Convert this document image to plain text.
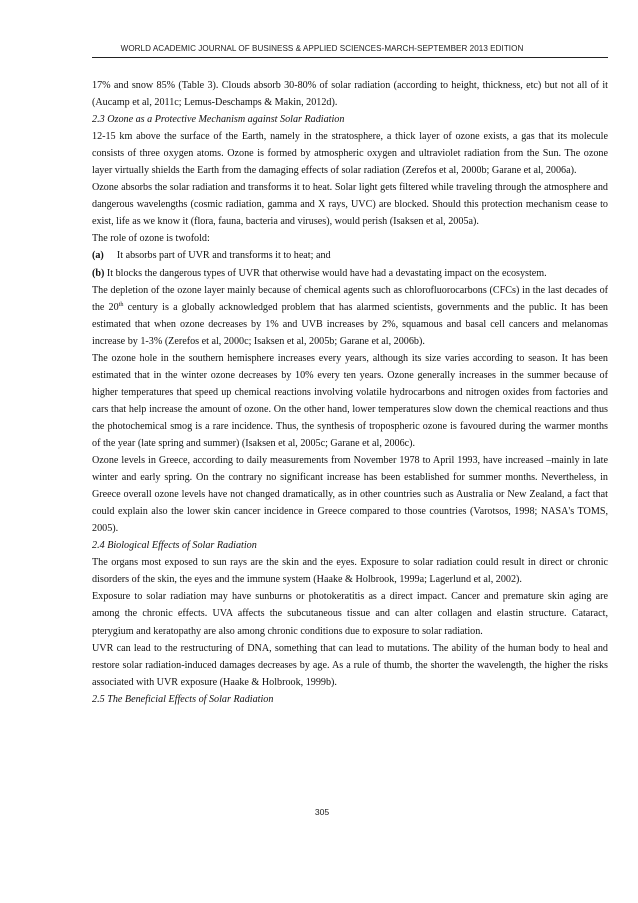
WORLD ACADEMIC JOURNAL OF BUSINESS & APPLIED SCIENCES-MARCH-SEPTEMBER 2013 EDITION

17% and snow 85% (Table 3). Clouds absorb 30-80% of solar radiation (according to height, thickness, etc) but not all of it (Aucamp et al, 2011c; Lemus-Deschamps & Makin, 2012d).

2.3 Ozone as a Protective Mechanism against Solar Radiation

12-15 km above the surface of the Earth, namely in the stratosphere, a thick layer of ozone exists, a gas that its molecule consists of three oxygen atoms. Ozone is formed by atmospheric oxygen and ultraviolet radiation from the Sun. The ozone layer virtually shields the Earth from the damaging effects of solar radiation (Zerefos et al, 2000b; Garane et al, 2006a).

Ozone absorbs the solar radiation and transforms it to heat. Solar light gets filtered while traveling through the atmosphere and dangerous wavelengths (cosmic radiation, gamma and X rays, UVC) are blocked. Should this protection mechanism cease to exist, life as we know it (flora, fauna, bacteria and viruses), would perish (Isaksen et al, 2005a).

The role of ozone is twofold:

(a) It absorbs part of UVR and transforms it to heat; and

(b) It blocks the dangerous types of UVR that otherwise would have had a devastating impact on the ecosystem.

The depletion of the ozone layer mainly because of chemical agents such as chlorofluorocarbons (CFCs) in the last decades of the 20th century is a globally acknowledged problem that has alarmed scientists, governments and the public. It has been estimated that when ozone decreases by 1% and UVB increases by 2%, squamous and basal cell cancers and melanomas increase by 1-3% (Zerefos et al, 2000c; Isaksen et al, 2005b; Garane et al, 2006b).

The ozone hole in the southern hemisphere increases every years, although its size varies according to season. It has been estimated that in the winter ozone decreases by 10% every ten years. Ozone generally increases in the summer because of higher temperatures that speed up chemical reactions involving volatile hydrocarbons and nitrogen oxides from factories and cars that help increase the amount of ozone. On the other hand, lower temperatures slow down the chemical reactions and thus the photochemical smog is a rare incidence. Thus, the synthesis of tropospheric ozone is favoured during the warmer months of the year (late spring and summer) (Isaksen et al, 2005c; Garane et al, 2006c).

Ozone levels in Greece, according to daily measurements from November 1978 to April 1993, have increased –mainly in late winter and early spring. On the contrary no significant increase has been established for summer months. Nevertheless, in Greece overall ozone levels have not changed dramatically, as in other countries such as Australia or New Zealand, a fact that could explain also the lower skin cancer incidence in Greece compared to those countries (Varotsos, 1998; NASA's TOMS, 2005).

2.4 Biological Effects of Solar Radiation

The organs most exposed to sun rays are the skin and the eyes. Exposure to solar radiation could result in direct or chronic disorders of the skin, the eyes and the immune system (Haake & Holbrook, 1999a; Lagerlund et al, 2002).

Exposure to solar radiation may have sunburns or photokeratitis as a direct impact. Cancer and premature skin aging are among the chronic effects. UVA affects the subcutaneous tissue and can alter collagen and elastin structure. Cataract, pterygium and keratopathy are also among chronic conditions due to exposure to solar radiation.

UVR can lead to the restructuring of DNA, something that can lead to mutations. The ability of the human body to heal and restore solar radiation-induced damages decreases by age. As a rule of thumb, the shorter the wavelength, the higher the risks associated with UVR exposure (Haake & Holbrook, 1999b).

2.5 The Beneficial Effects of Solar Radiation

305
